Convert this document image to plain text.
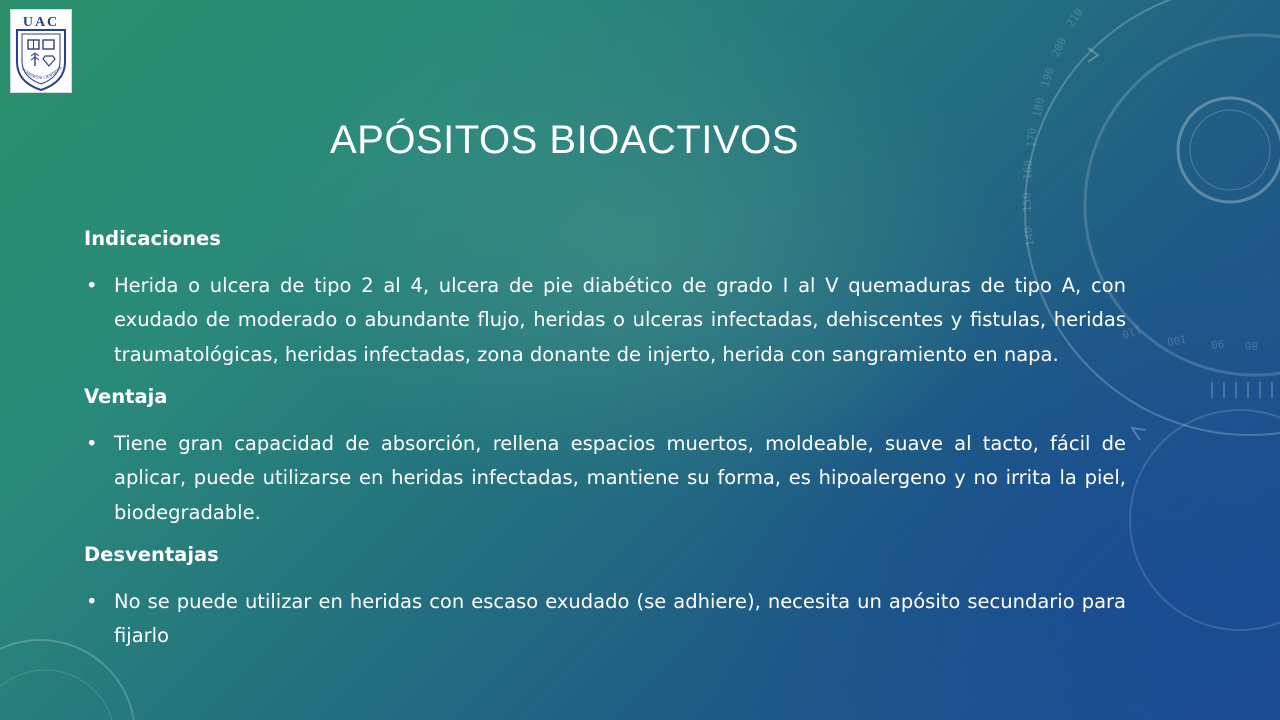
210
200
190
180
170
160
150
140
100 90 80
110
UAC
HUMANISTA CIENTIFICA
APÓSITOS BIOACTIVOS

Indicaciones

• Herida o ulcera de tipo 2 al 4, ulcera de pie diabético de grado I al V quemaduras de tipo A, con exudado de moderado o abundante flujo, heridas o ulceras infectadas, dehiscentes y fistulas, heridas traumatológicas, heridas infectadas, zona donante de injerto, herida con sangramiento en napa.

Ventaja

• Tiene gran capacidad de absorción, rellena espacios muertos, moldeable, suave al tacto, fácil de aplicar, puede utilizarse en heridas infectadas, mantiene su forma, es hipoalergeno y no irrita la piel, biodegradable.

Desventajas

• No se puede utilizar en heridas con escaso exudado (se adhiere), necesita un apósito secundario para fijarlo
